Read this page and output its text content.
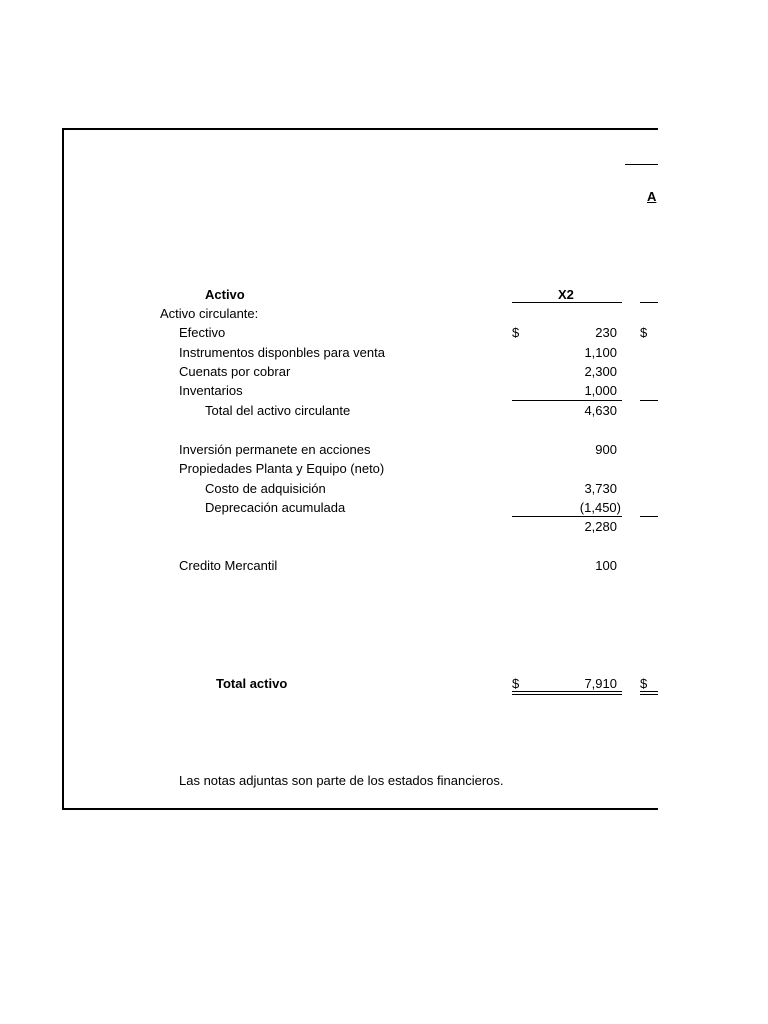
A
Activo	X2
Activo circulante:
Efectivo	$	230 $
Instrumentos disponbles para venta	1,100
Cuenats por cobrar	2,300
Inventarios	1,000
Total del activo circulante	4,630
Inversión permanete en acciones	900
Propiedades Planta y Equipo (neto)
Costo de adquisición	3,730
Deprecación acumulada	(1,450)
2,280
Credito Mercantil	100
Total activo	$	7,910 $
Las notas adjuntas son parte de los estados financieros.
